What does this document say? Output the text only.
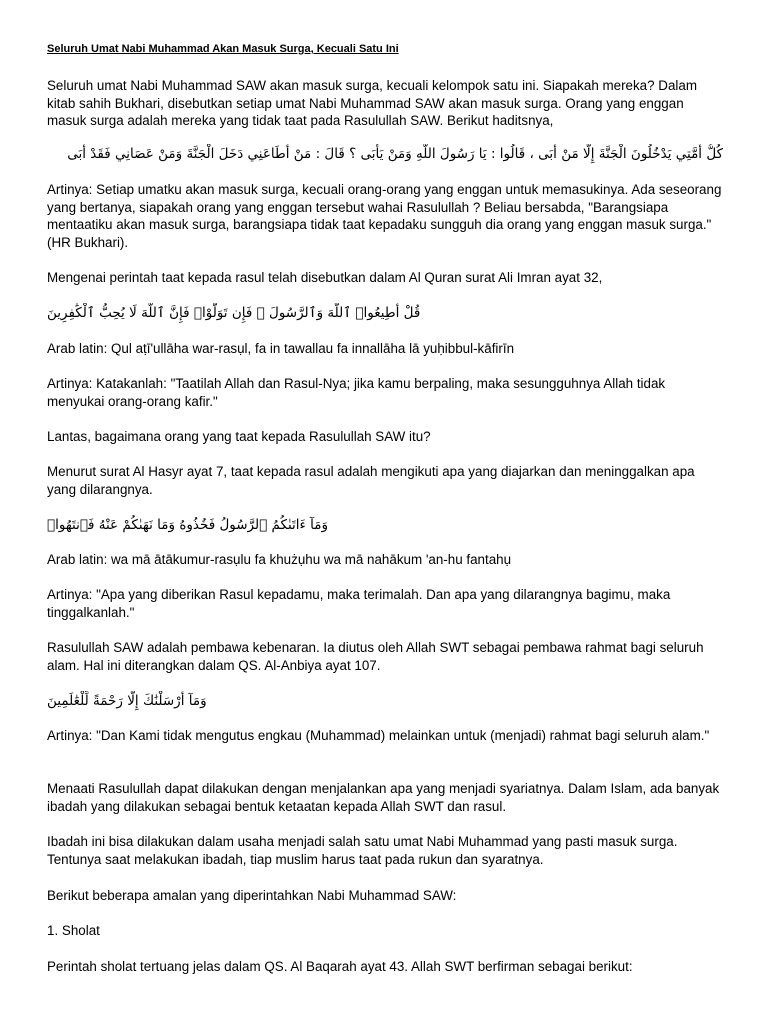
Seluruh Umat Nabi Muhammad Akan Masuk Surga, Kecuali Satu Ini

Seluruh umat Nabi Muhammad SAW akan masuk surga, kecuali kelompok satu ini. Siapakah mereka? Dalam kitab sahih Bukhari, disebutkan setiap umat Nabi Muhammad SAW akan masuk surga. Orang yang enggan masuk surga adalah mereka yang tidak taat pada Rasulullah SAW. Berikut haditsnya,

كُلُّ أُمَّتِي يَدْخُلُونَ الْجَنَّةَ إِلَّا مَنْ أَبَى ، قَالُوا : يَا رَسُولَ اللَّهِ وَمَنْ يَأْبَى ؟ قَالَ : مَنْ أَطَاعَنِي دَخَلَ الْجَنَّةَ وَمَنْ عَصَانِي فَقَدْ أَبَى

Artinya: Setiap umatku akan masuk surga, kecuali orang-orang yang enggan untuk memasukinya. Ada seseorang yang bertanya, siapakah orang yang enggan tersebut wahai Rasulullah ? Beliau bersabda, "Barangsiapa mentaatiku akan masuk surga, barangsiapa tidak taat kepadaku sungguh dia orang yang enggan masuk surga." (HR Bukhari).

Mengenai perintah taat kepada rasul telah disebutkan dalam Al Quran surat Ali Imran ayat 32,

قُلْ أَطِيعُوا۟ ٱللَّهَ وَٱلرَّسُولَ ۖ فَإِن تَوَلَّوْا۟ فَإِنَّ ٱللَّهَ لَا يُحِبُّ ٱلْكَٰفِرِينَ

Arab latin: Qul aṭī'ullāha war-rasụl, fa in tawallau fa innallāha lā yuḥibbul-kāfirīn

Artinya: Katakanlah: "Taatilah Allah dan Rasul-Nya; jika kamu berpaling, maka sesungguhnya Allah tidak menyukai orang-orang kafir."

Lantas, bagaimana orang yang taat kepada Rasulullah SAW itu?

Menurut surat Al Hasyr ayat 7, taat kepada rasul adalah mengikuti apa yang diajarkan dan meninggalkan apa yang dilarangnya.

وَمَآ ءَاتَىٰكُمُ ٱلرَّسُولُ فَخُذُوهُ وَمَا نَهَىٰكُمْ عَنْهُ فَٱنتَهُوا۟

Arab latin: wa mā ātākumur-rasụlu fa khużụhu wa mā nahākum 'an-hu fantahụ

Artinya: "Apa yang diberikan Rasul kepadamu, maka terimalah. Dan apa yang dilarangnya bagimu, maka tinggalkanlah."

Rasulullah SAW adalah pembawa kebenaran. Ia diutus oleh Allah SWT sebagai pembawa rahmat bagi seluruh alam. Hal ini diterangkan dalam QS. Al-Anbiya ayat 107.

وَمَآ أَرْسَلْنَٰكَ إِلَّا رَحْمَةً لِّلْعَٰلَمِينَ

Artinya: "Dan Kami tidak mengutus engkau (Muhammad) melainkan untuk (menjadi) rahmat bagi seluruh alam."

Menaati Rasulullah dapat dilakukan dengan menjalankan apa yang menjadi syariatnya. Dalam Islam, ada banyak ibadah yang dilakukan sebagai bentuk ketaatan kepada Allah SWT dan rasul.

Ibadah ini bisa dilakukan dalam usaha menjadi salah satu umat Nabi Muhammad yang pasti masuk surga. Tentunya saat melakukan ibadah, tiap muslim harus taat pada rukun dan syaratnya.

Berikut beberapa amalan yang diperintahkan Nabi Muhammad SAW:

1. Sholat

Perintah sholat tertuang jelas dalam QS. Al Baqarah ayat 43. Allah SWT berfirman sebagai berikut:
